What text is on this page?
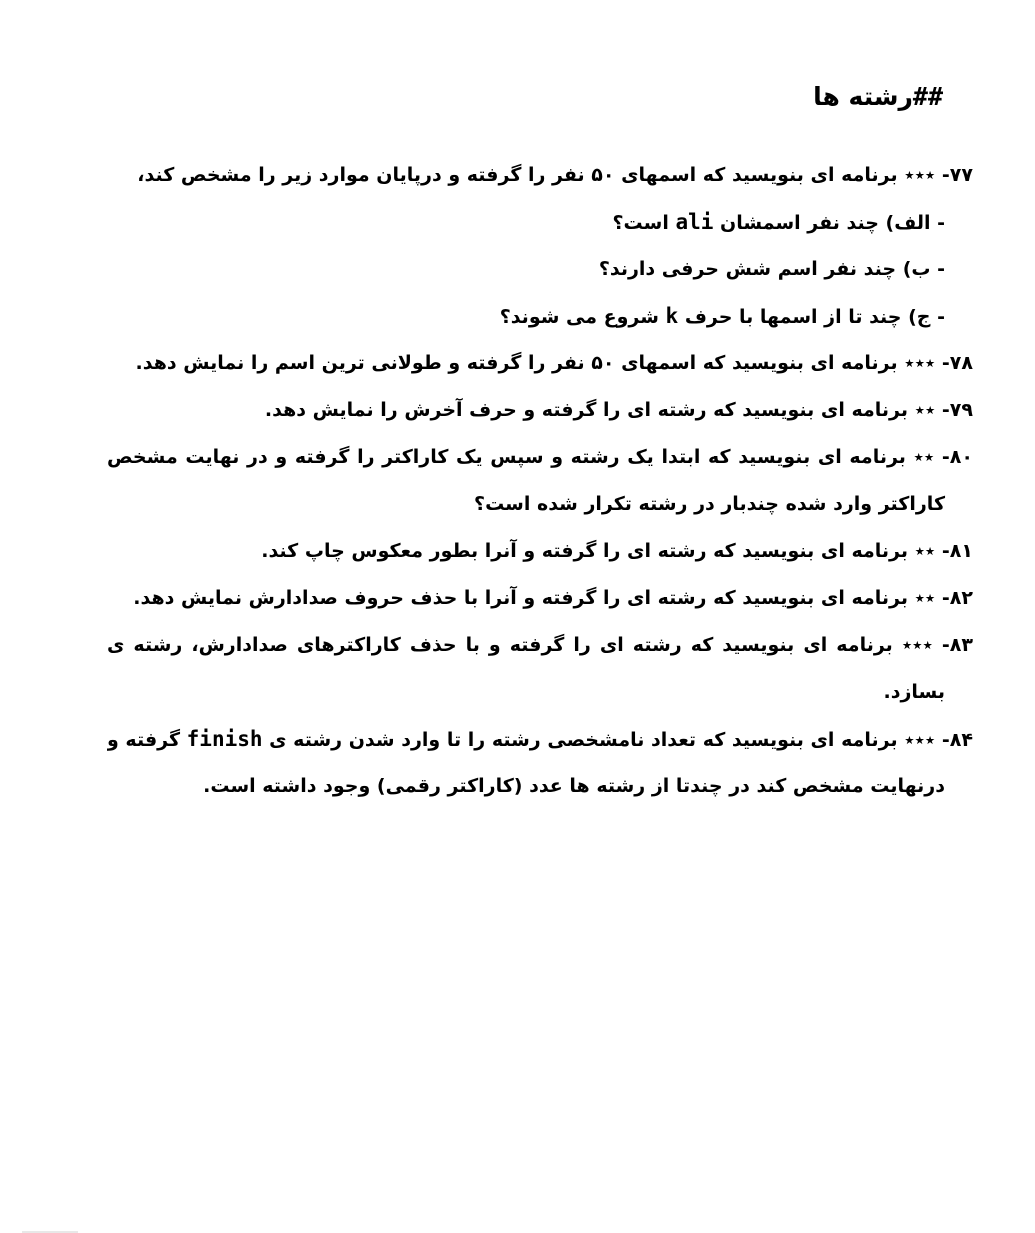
##رشته ها
۷۷- ٭٭٭ برنامه ای بنویسید که اسمهای ۵۰ نفر را گرفته و درپایان موارد زیر را مشخص کند،
- الف) چند نفر اسمشان ali است؟
- ب) چند نفر اسم شش حرفی دارند؟
- ج) چند تا از اسمها با حرف k شروع می شوند؟
۷۸- ٭٭٭ برنامه ای بنویسید که اسمهای ۵۰ نفر را گرفته و طولانی ترین اسم را نمایش دهد.
۷۹- ٭٭ برنامه ای بنویسید که رشته ای را گرفته و حرف آخرش را نمایش دهد.
۸۰- ٭٭ برنامه ای بنویسید که ابتدا یک رشته و سپس یک کاراکتر را گرفته و در نهایت مشخص
کاراکتر وارد شده چندبار در رشته تکرار شده است؟
۸۱- ٭٭ برنامه ای بنویسید که رشته ای را گرفته و آنرا بطور معکوس چاپ کند.
۸۲- ٭٭ برنامه ای بنویسید که رشته ای را گرفته و آنرا با حذف حروف صدادارش نمایش دهد.
۸۳- ٭٭٭ برنامه ای بنویسید که رشته ای را گرفته و با حذف کاراکترهای صدادارش، رشته ی
بسازد.
۸۴- ٭٭٭ برنامه ای بنویسید که تعداد نامشخصی رشته را تا وارد شدن رشته ی finish گرفته و
درنهایت مشخص کند در چندتا از رشته ها عدد (کاراکتر رقمی) وجود داشته است.
